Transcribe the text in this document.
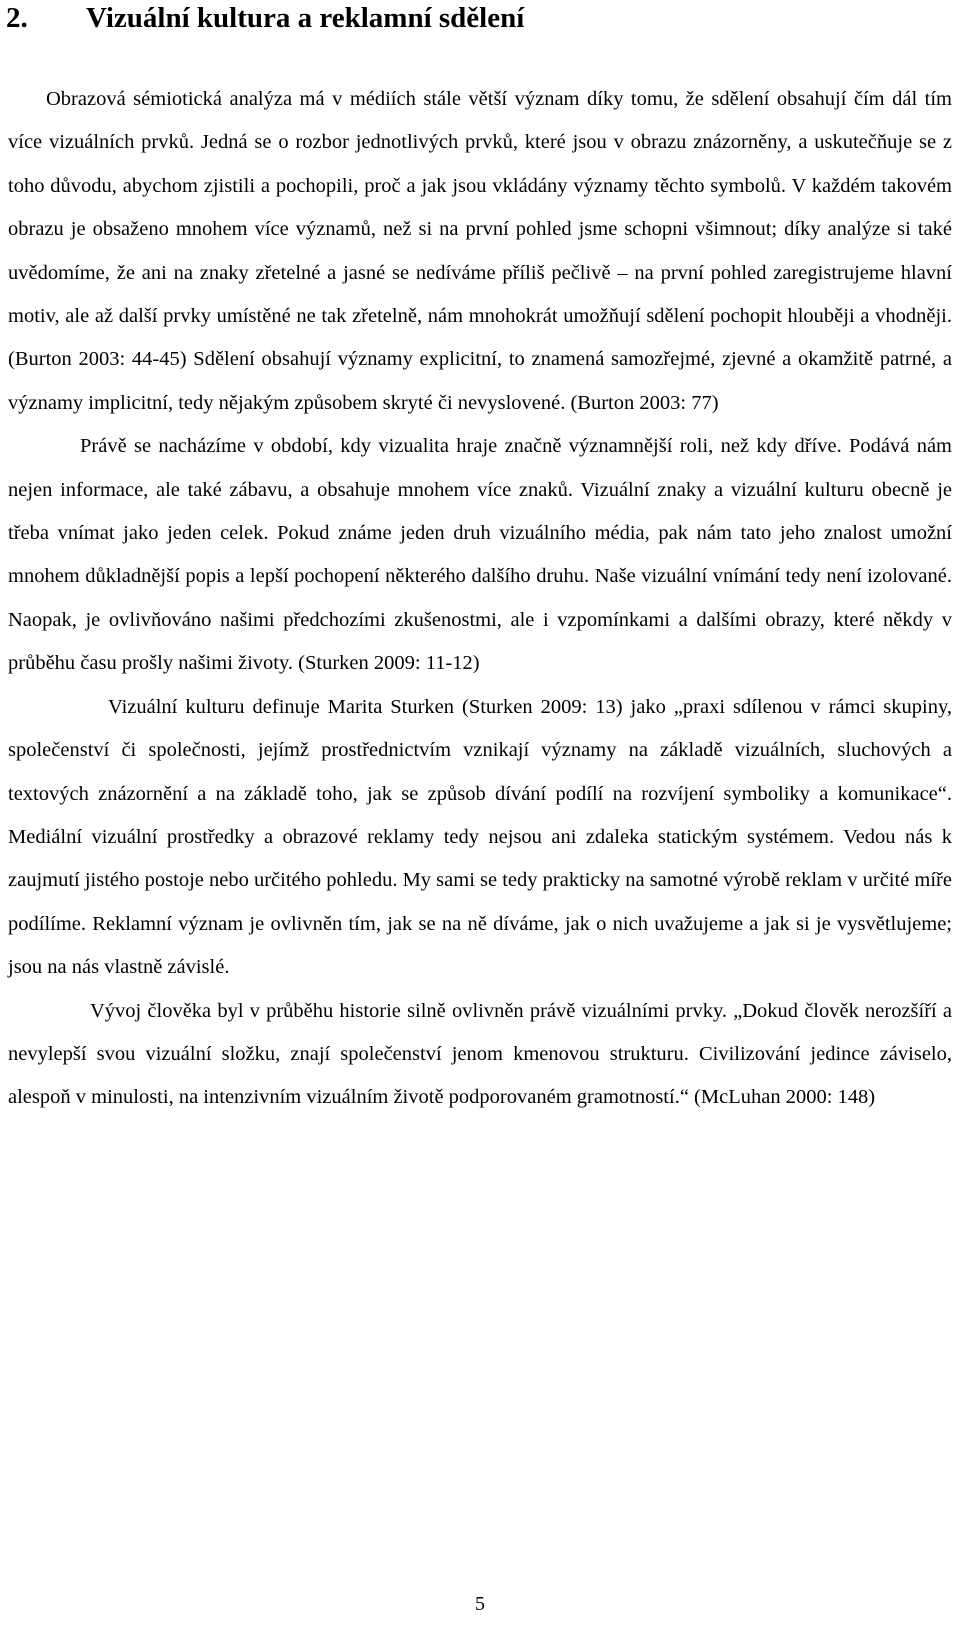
2. Vizuální kultura a reklamní sdělení

Obrazová sémiotická analýza má v médiích stále větší význam díky tomu, že sdělení obsahují čím dál tím více vizuálních prvků. Jedná se o rozbor jednotlivých prvků, které jsou v obrazu znázorněny, a uskutečňuje se z toho důvodu, abychom zjistili a pochopili, proč a jak jsou vkládány významy těchto symbolů. V každém takovém obrazu je obsaženo mnohem více významů, než si na první pohled jsme schopni všimnout; díky analýze si také uvědomíme, že ani na znaky zřetelné a jasné se nedíváme příliš pečlivě – na první pohled zaregistrujeme hlavní motiv, ale až další prvky umístěné ne tak zřetelně, nám mnohokrát umožňují sdělení pochopit hlouběji a vhodněji. (Burton 2003: 44-45) Sdělení obsahují významy explicitní, to znamená samozřejmé, zjevné a okamžitě patrné, a významy implicitní, tedy nějakým způsobem skryté či nevyslovené. (Burton 2003: 77)

Právě se nacházíme v období, kdy vizualita hraje značně významnější roli, než kdy dříve. Podává nám nejen informace, ale také zábavu, a obsahuje mnohem více znaků. Vizuální znaky a vizuální kulturu obecně je třeba vnímat jako jeden celek. Pokud známe jeden druh vizuálního média, pak nám tato jeho znalost umožní mnohem důkladnější popis a lepší pochopení některého dalšího druhu. Naše vizuální vnímání tedy není izolované. Naopak, je ovlivňováno našimi předchozími zkušenostmi, ale i vzpomínkami a dalšími obrazy, které někdy v průběhu času prošly našimi životy. (Sturken 2009: 11-12)

Vizuální kulturu definuje Marita Sturken (Sturken 2009: 13) jako „praxi sdílenou v rámci skupiny, společenství či společnosti, jejímž prostřednictvím vznikají významy na základě vizuálních, sluchových a textových znázornění a na základě toho, jak se způsob dívání podílí na rozvíjení symboliky a komunikace“. Mediální vizuální prostředky a obrazové reklamy tedy nejsou ani zdaleka statickým systémem. Vedou nás k zaujmutí jistého postoje nebo určitého pohledu. My sami se tedy prakticky na samotné výrobě reklam v určité míře podílíme. Reklamní význam je ovlivněn tím, jak se na ně díváme, jak o nich uvažujeme a jak si je vysvětlujeme; jsou na nás vlastně závislé.

Vývoj člověka byl v průběhu historie silně ovlivněn právě vizuálními prvky. „Dokud člověk nerozšíří a nevylepší svou vizuální složku, znají společenství jenom kmenovou strukturu. Civilizování jedince záviselo, alespoň v minulosti, na intenzivním vizuálním životě podporovaném gramotností.“ (McLuhan 2000: 148)

5
